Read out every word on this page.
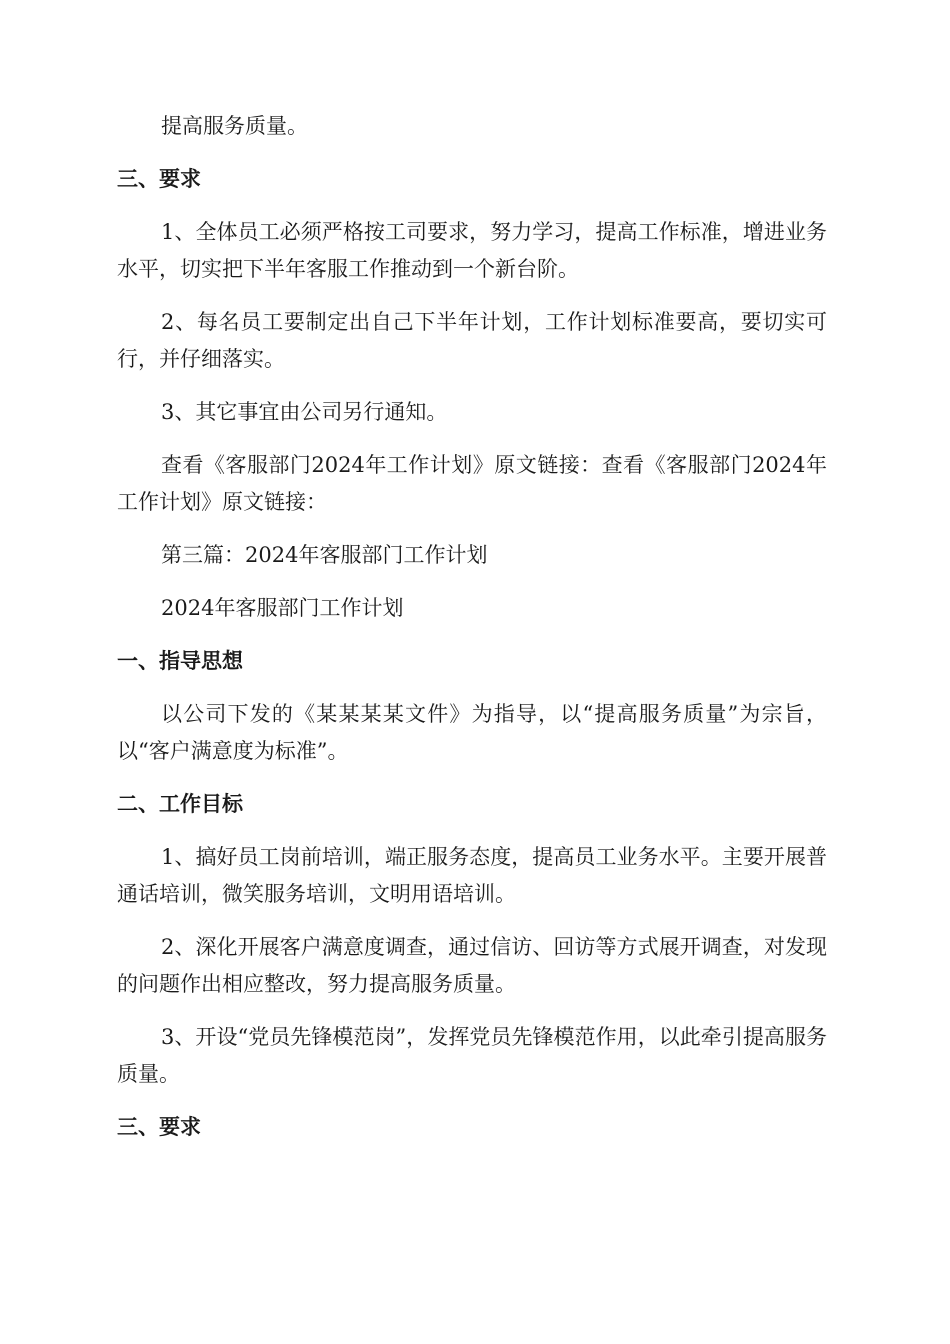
提高服务质量。

三、要求

1、全体员工必须严格按工司要求，努力学习，提高工作标准，增进业务水平，切实把下半年客服工作推动到一个新台阶。

2、每名员工要制定出自己下半年计划，工作计划标准要高，要切实可行，并仔细落实。

3、其它事宜由公司另行通知。

查看《客服部门2024年工作计划》原文链接：查看《客服部门2024年工作计划》原文链接：

第三篇：2024年客服部门工作计划

2024年客服部门工作计划

一、指导思想

以公司下发的《某某某某文件》为指导，以“提高服务质量”为宗旨，以“客户满意度为标准”。

二、工作目标

1、搞好员工岗前培训，端正服务态度，提高员工业务水平。主要开展普通话培训，微笑服务培训，文明用语培训。

2、深化开展客户满意度调查，通过信访、回访等方式展开调查，对发现的问题作出相应整改，努力提高服务质量。

3、开设“党员先锋模范岗”，发挥党员先锋模范作用，以此牵引提高服务质量。

三、要求
